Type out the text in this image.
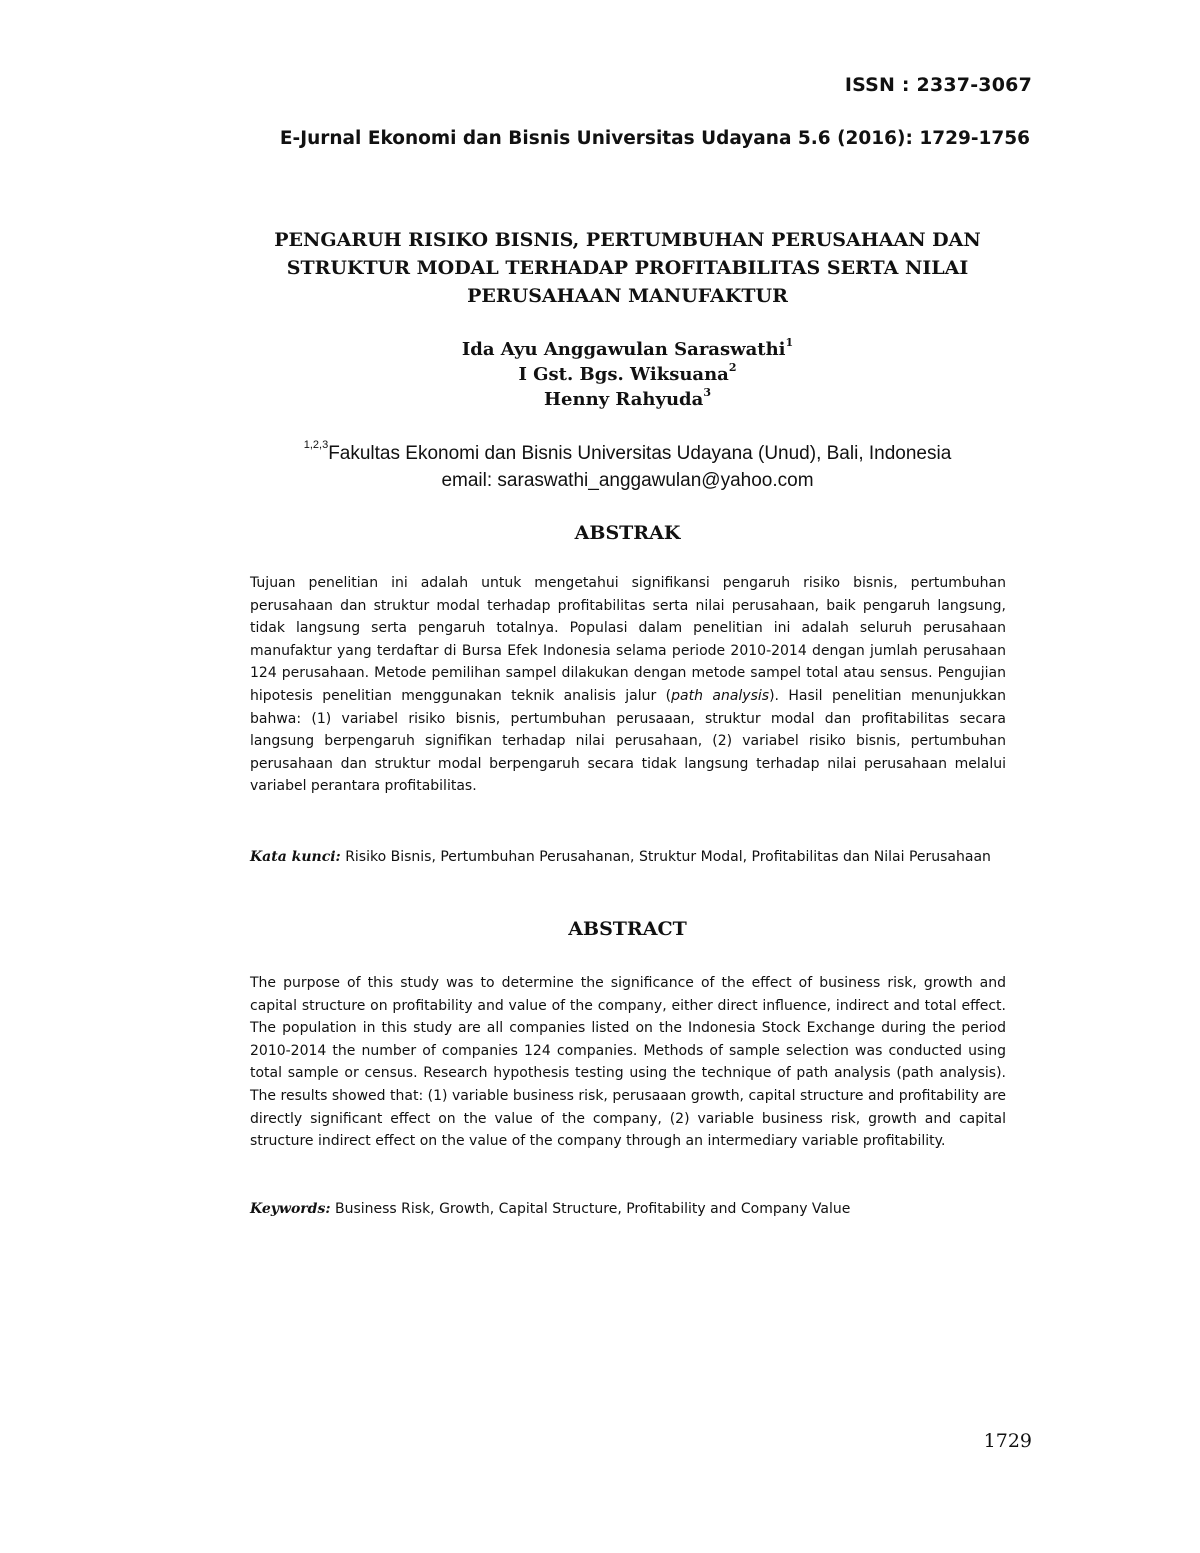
ISSN : 2337-3067
E-Jurnal Ekonomi dan Bisnis Universitas Udayana 5.6 (2016): 1729-1756
PENGARUH RISIKO BISNIS, PERTUMBUHAN PERUSAHAAN DAN
STRUKTUR MODAL TERHADAP PROFITABILITAS SERTA NILAI
PERUSAHAAN MANUFAKTUR
Ida Ayu Anggawulan Saraswathi$^1$
I Gst. Bgs. Wiksuana$^2$
Henny Rahyuda$^3$
$^{1,2,3}$Fakultas Ekonomi dan Bisnis Universitas Udayana (Unud), Bali, Indonesia
email: saraswathi_anggawulan@yahoo.com
ABSTRAK
Tujuan penelitian ini adalah untuk mengetahui signifikansi pengaruh risiko bisnis, pertumbuhan perusahaan dan struktur modal terhadap profitabilitas serta nilai perusahaan, baik pengaruh langsung, tidak langsung serta pengaruh totalnya. Populasi dalam penelitian ini adalah seluruh perusahaan manufaktur yang terdaftar di Bursa Efek Indonesia selama periode 2010-2014 dengan jumlah perusahaan 124 perusahaan. Metode pemilihan sampel dilakukan dengan metode sampel total atau sensus. Pengujian hipotesis penelitian menggunakan teknik analisis jalur (path analysis). Hasil penelitian menunjukkan bahwa: (1) variabel risiko bisnis, pertumbuhan perusaaan, struktur modal dan profitabilitas secara langsung berpengaruh signifikan terhadap nilai perusahaan, (2) variabel risiko bisnis, pertumbuhan perusahaan dan struktur modal berpengaruh secara tidak langsung terhadap nilai perusahaan melalui variabel perantara profitabilitas.
Kata kunci: Risiko Bisnis, Pertumbuhan Perusahanan, Struktur Modal, Profitabilitas dan Nilai Perusahaan
ABSTRACT
The purpose of this study was to determine the significance of the effect of business risk, growth and capital structure on profitability and value of the company, either direct influence, indirect and total effect. The population in this study are all companies listed on the Indonesia Stock Exchange during the period 2010-2014 the number of companies 124 companies. Methods of sample selection was conducted using total sample or census. Research hypothesis testing using the technique of path analysis (path analysis). The results showed that: (1) variable business risk, perusaaan growth, capital structure and profitability are directly significant effect on the value of the company, (2) variable business risk, growth and capital structure indirect effect on the value of the company through an intermediary variable profitability.
Keywords: Business Risk, Growth, Capital Structure, Profitability and Company Value
1729
